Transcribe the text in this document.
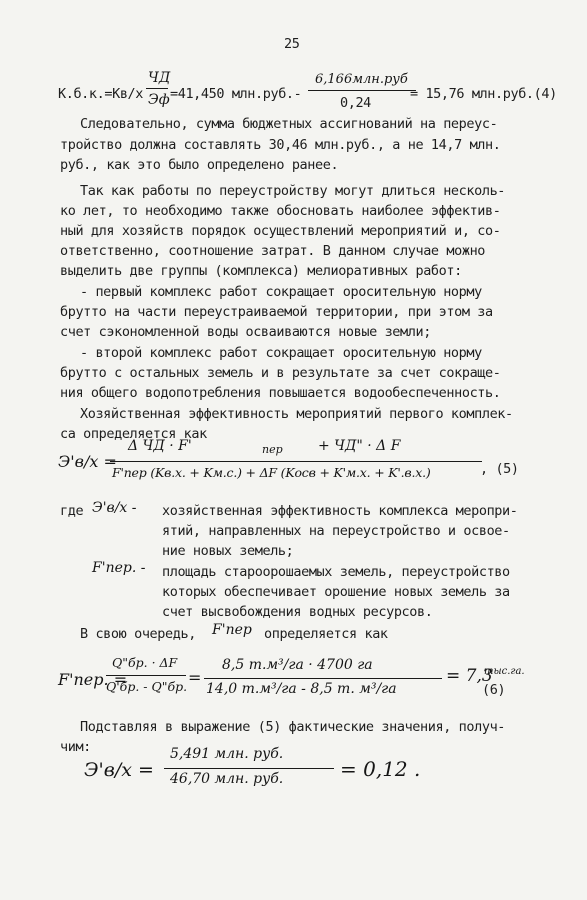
25
К.б.к.=Кв/х
ЧД
Эф =41,450 млн.руб.-
6,166млн.руб
0,24
= 15,76 млн.руб.(4)
Следовательно, сумма бюджетных ассигнований на переус-
тройство должна составлять 30,46 млн.руб., а не 14,7 млн.
руб., как это было определено ранее.
Так как работы по переустройству могут длиться несколь-
ко лет, то необходимо также обосновать наиболее эффектив-
ный для хозяйств порядок осуществлений мероприятий и, со-
ответственно, соотношение затрат. В данном случае можно
выделить две группы (комплекса) мелиоративных работ:
- первый комплекс работ сокращает оросительную норму
брутто на части переустраиваемой территории, при этом за
счет сэкономленной воды осваиваются новые земли;
- второй комплекс работ сокращает оросительную норму
брутто с остальных земель и в результате за счет сокраще-
ния общего водопотребления повышается водообеспеченность.
Хозяйственная эффективность мероприятий первого комплек-
са определяется как
Э'в/х =
Δ ЧД · F'	пер	+ ЧД" · Δ F
F'пер (Kв.х. + Kм.с.) + ΔF (Kосв + K'м.х. + K'.в.х.)	, (5)
где Э'в/х - хозяйственная эффективность комплекса меропри-
ятий, направленных на переустройство и освое-
ние новых земель;
F'пер. - площадь староорошаемых земель, переустройство
которых обеспечивает орошение новых земель за
счет высвобождения водных ресурсов.
В свою очередь, F'пер определяется как
F'пер. =
Q"бр. · ΔF
Q'бр. - Q"бр. =
8,5 т.м³/га · 4700 га
14,0 т.м³/га - 8,5 т. м³/га
= 7,3
тыс.га.
(6)
Подставляя в выражение (5) фактические значения, получ-
чим:
Э'в/х =
5,491 млн. руб.
46,70 млн. руб.	= 0,12 .
